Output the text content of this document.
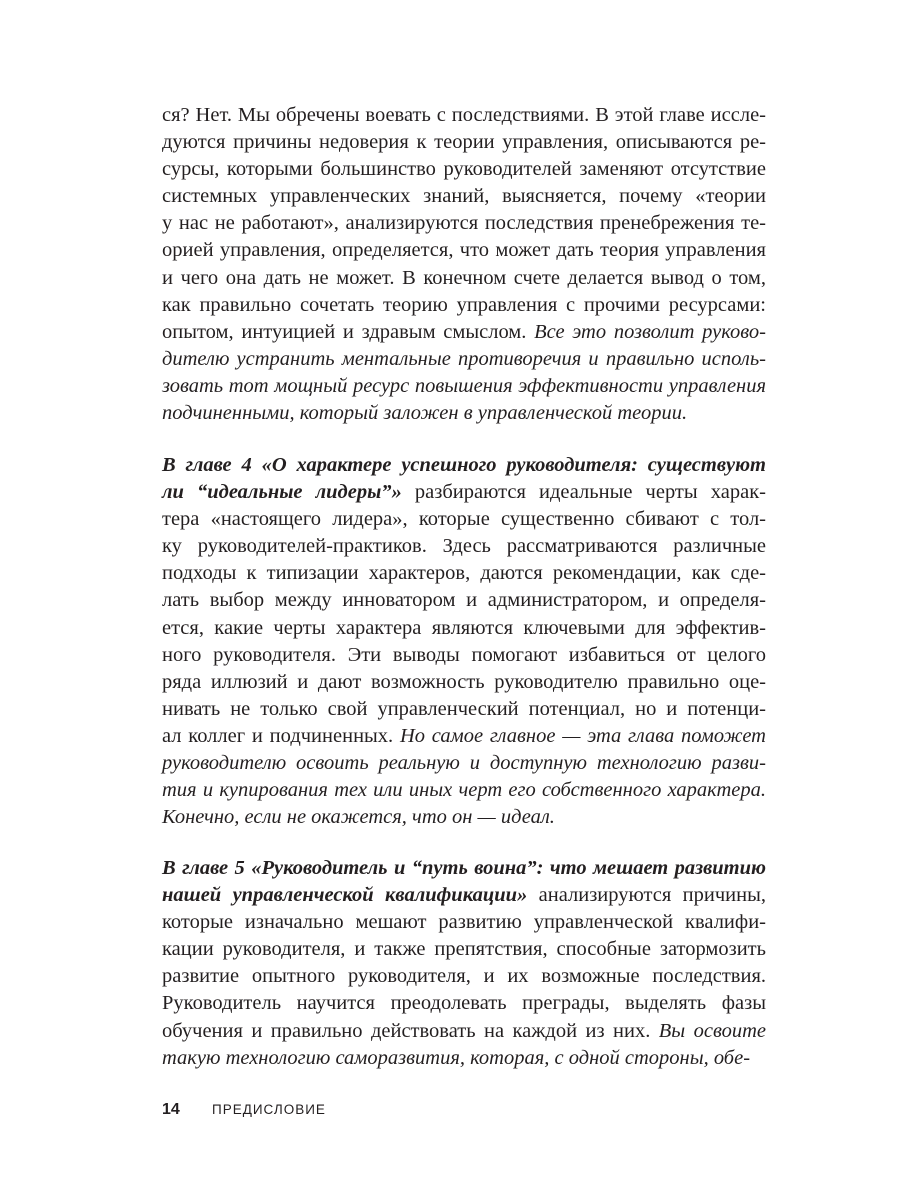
ся? Нет. Мы обречены воевать с последствиями. В этой главе иссле-
дуются причины недоверия к теории управления, описываются ре-
сурсы, которыми большинство руководителей заменяют отсутствие
системных управленческих знаний, выясняется, почему «теории
у нас не работают», анализируются последствия пренебрежения те-
орией управления, определяется, что может дать теория управления
и чего она дать не может. В конечном счете делается вывод о том,
как правильно сочетать теорию управления с прочими ресурсами:
опытом, интуицией и здравым смыслом. Все это позволит руково-
дителю устранить ментальные противоречия и правильно исполь-
зовать тот мощный ресурс повышения эффективности управления
подчиненными, который заложен в управленческой теории.
В главе 4 «О характере успешного руководителя: существуют
ли “идеальные лидеры”» разбираются идеальные черты харак-
тера «настоящего лидера», которые существенно сбивают с тол-
ку руководителей-практиков. Здесь рассматриваются различные
подходы к типизации характеров, даются рекомендации, как сде-
лать выбор между инноватором и администратором, и определя-
ется, какие черты характера являются ключевыми для эффектив-
ного руководителя. Эти выводы помогают избавиться от целого
ряда иллюзий и дают возможность руководителю правильно оце-
нивать не только свой управленческий потенциал, но и потенци-
ал коллег и подчиненных. Но самое главное — эта глава поможет
руководителю освоить реальную и доступную технологию разви-
тия и купирования тех или иных черт его собственного характера.
Конечно, если не окажется, что он — идеал.
В главе 5 «Руководитель и “путь воина”: что мешает развитию
нашей управленческой квалификации» анализируются причины,
которые изначально мешают развитию управленческой квалифи-
кации руководителя, и также препятствия, способные затормозить
развитие опытного руководителя, и их возможные последствия.
Руководитель научится преодолевать преграды, выделять фазы
обучения и правильно действовать на каждой из них. Вы освоите
такую технологию саморазвития, которая, с одной стороны, обе-
14	ПРЕДИСЛОВИЕ
